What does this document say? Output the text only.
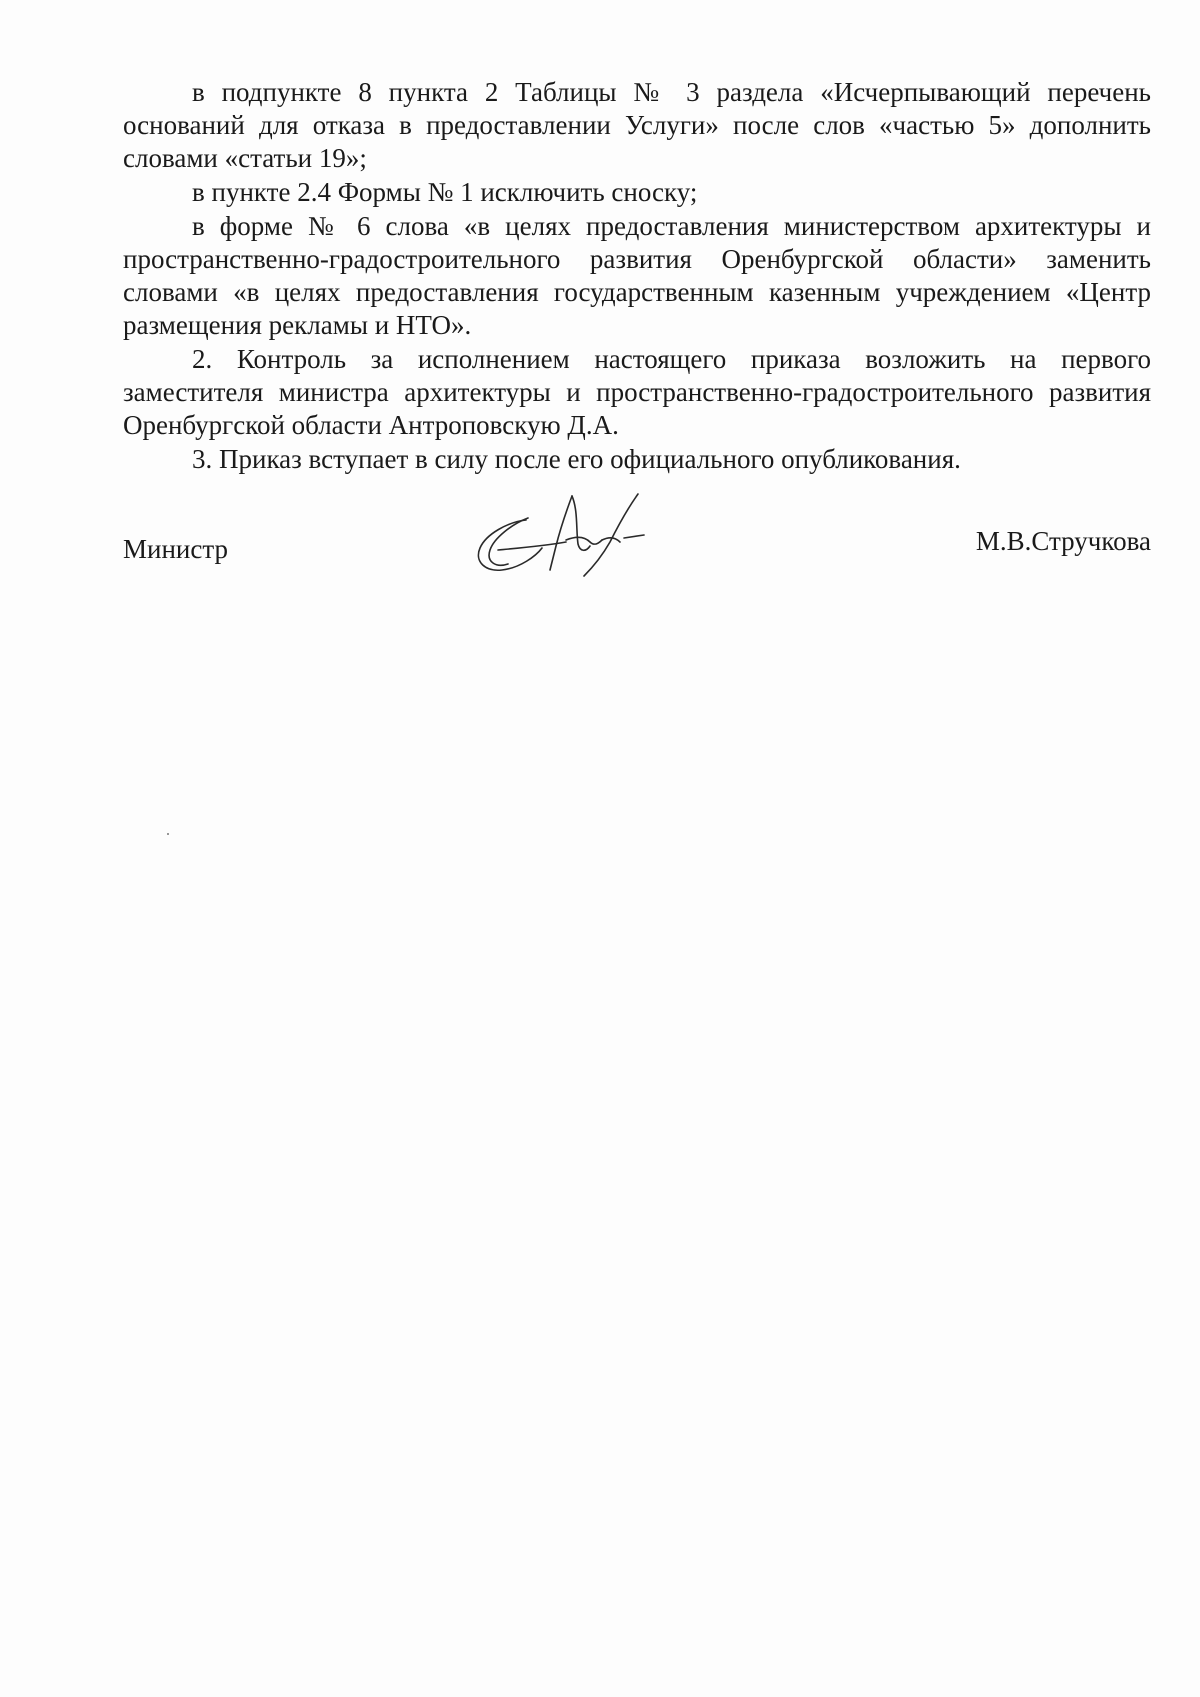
в подпункте 8 пункта 2 Таблицы № 3 раздела «Исчерпывающий перечень оснований для отказа в предоставлении Услуги» после слов «частью 5» дополнить словами «статьи 19»;

в пункте 2.4 Формы № 1 исключить сноску;

в форме № 6 слова «в целях предоставления министерством архитектуры и пространственно-градостроительного развития Оренбургской области» заменить словами «в целях предоставления государственным казенным учреждением «Центр размещения рекламы и НТО».

2. Контроль за исполнением настоящего приказа возложить на первого заместителя министра архитектуры и пространственно-градостроительного развития Оренбургской области Антроповскую Д.А.

3. Приказ вступает в силу после его официального опубликования.

Министр	М.В.Стручкова
